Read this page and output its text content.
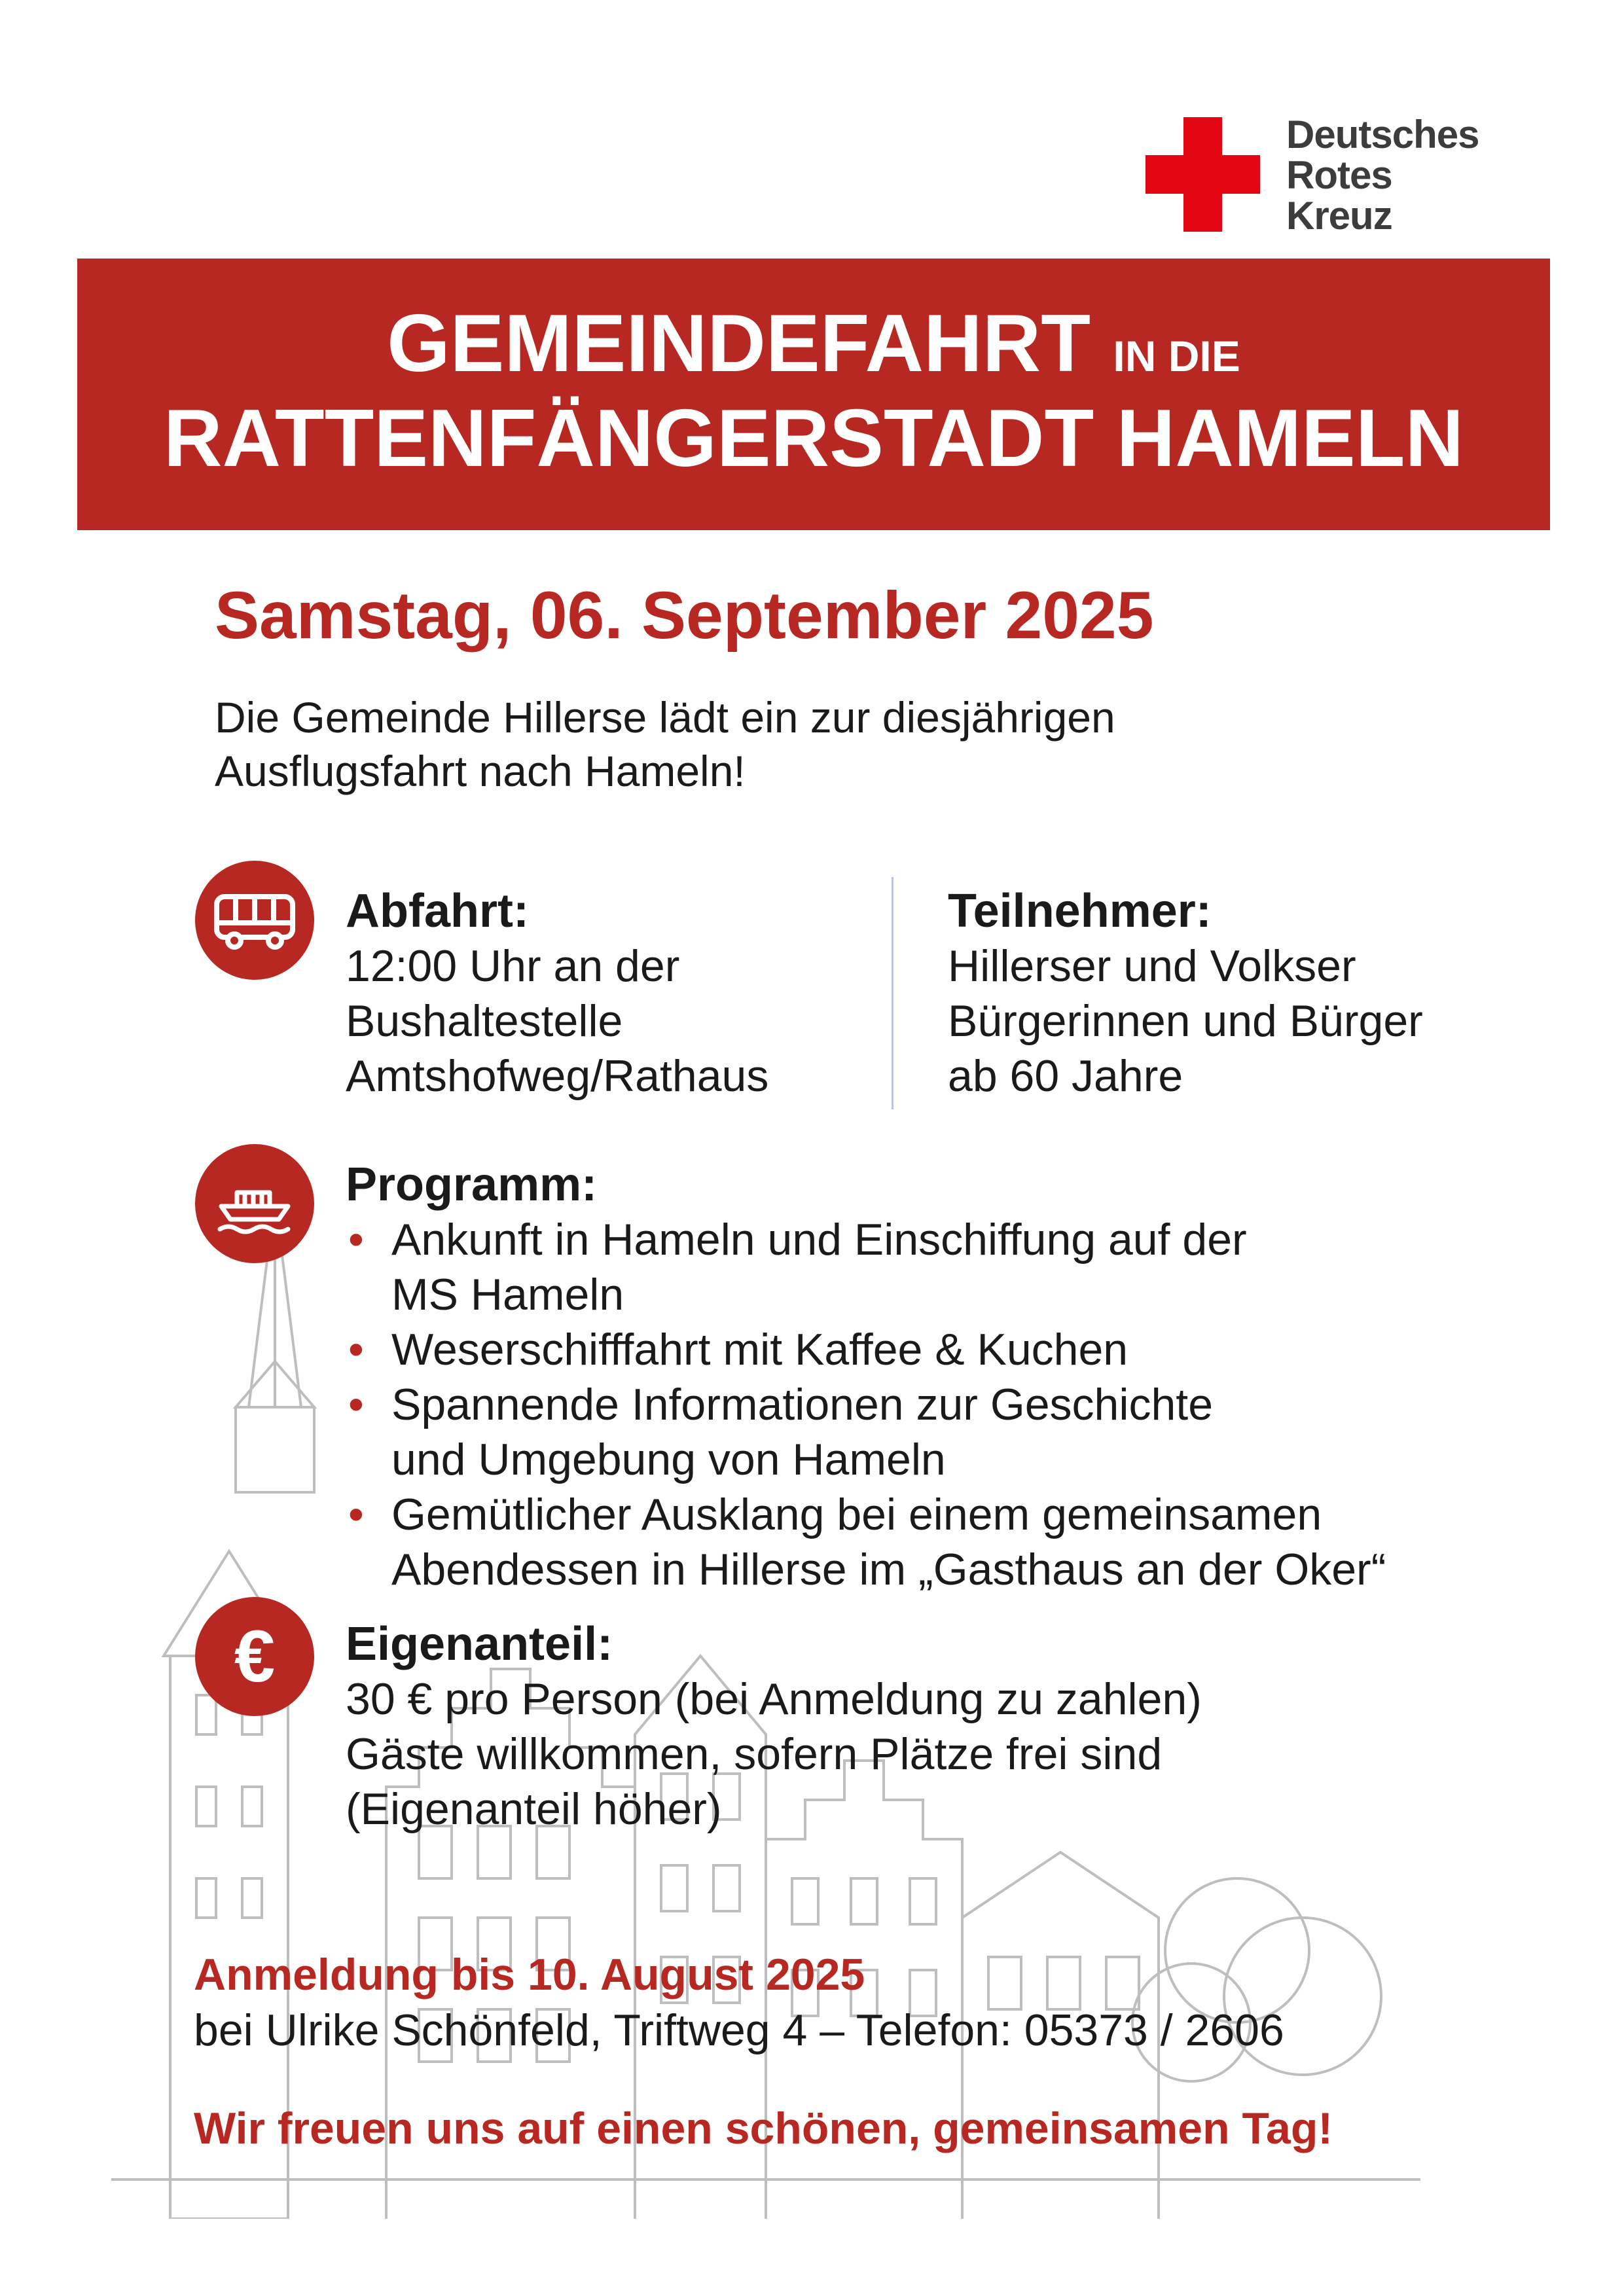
Deutsches
Rotes
Kreuz
GEMEINDEFAHRT IN DIE
RATTENFÄNGERSTADT HAMELN
Samstag, 06. September 2025
Die Gemeinde Hillerse lädt ein zur diesjährigen
Ausflugsfahrt nach Hameln!
Abfahrt:
12:00 Uhr an der
Bushaltestelle
Amtshofweg/Rathaus
Teilnehmer:
Hillerser und Volkser
Bürgerinnen und Bürger
ab 60 Jahre
Programm:
• Ankunft in Hameln und Einschiffung auf der
MS Hameln
• Weserschifffahrt mit Kaffee & Kuchen
• Spannende Informationen zur Geschichte
und Umgebung von Hameln
• Gemütlicher Ausklang bei einem gemeinsamen
Abendessen in Hillerse im „Gasthaus an der Oker“
€	Eigenanteil:
30 € pro Person (bei Anmeldung zu zahlen)
Gäste willkommen, sofern Plätze frei sind
(Eigenanteil höher)
Anmeldung bis 10. August 2025
bei Ulrike Schönfeld, Triftweg 4 – Telefon: 05373 / 2606
Wir freuen uns auf einen schönen, gemeinsamen Tag!
